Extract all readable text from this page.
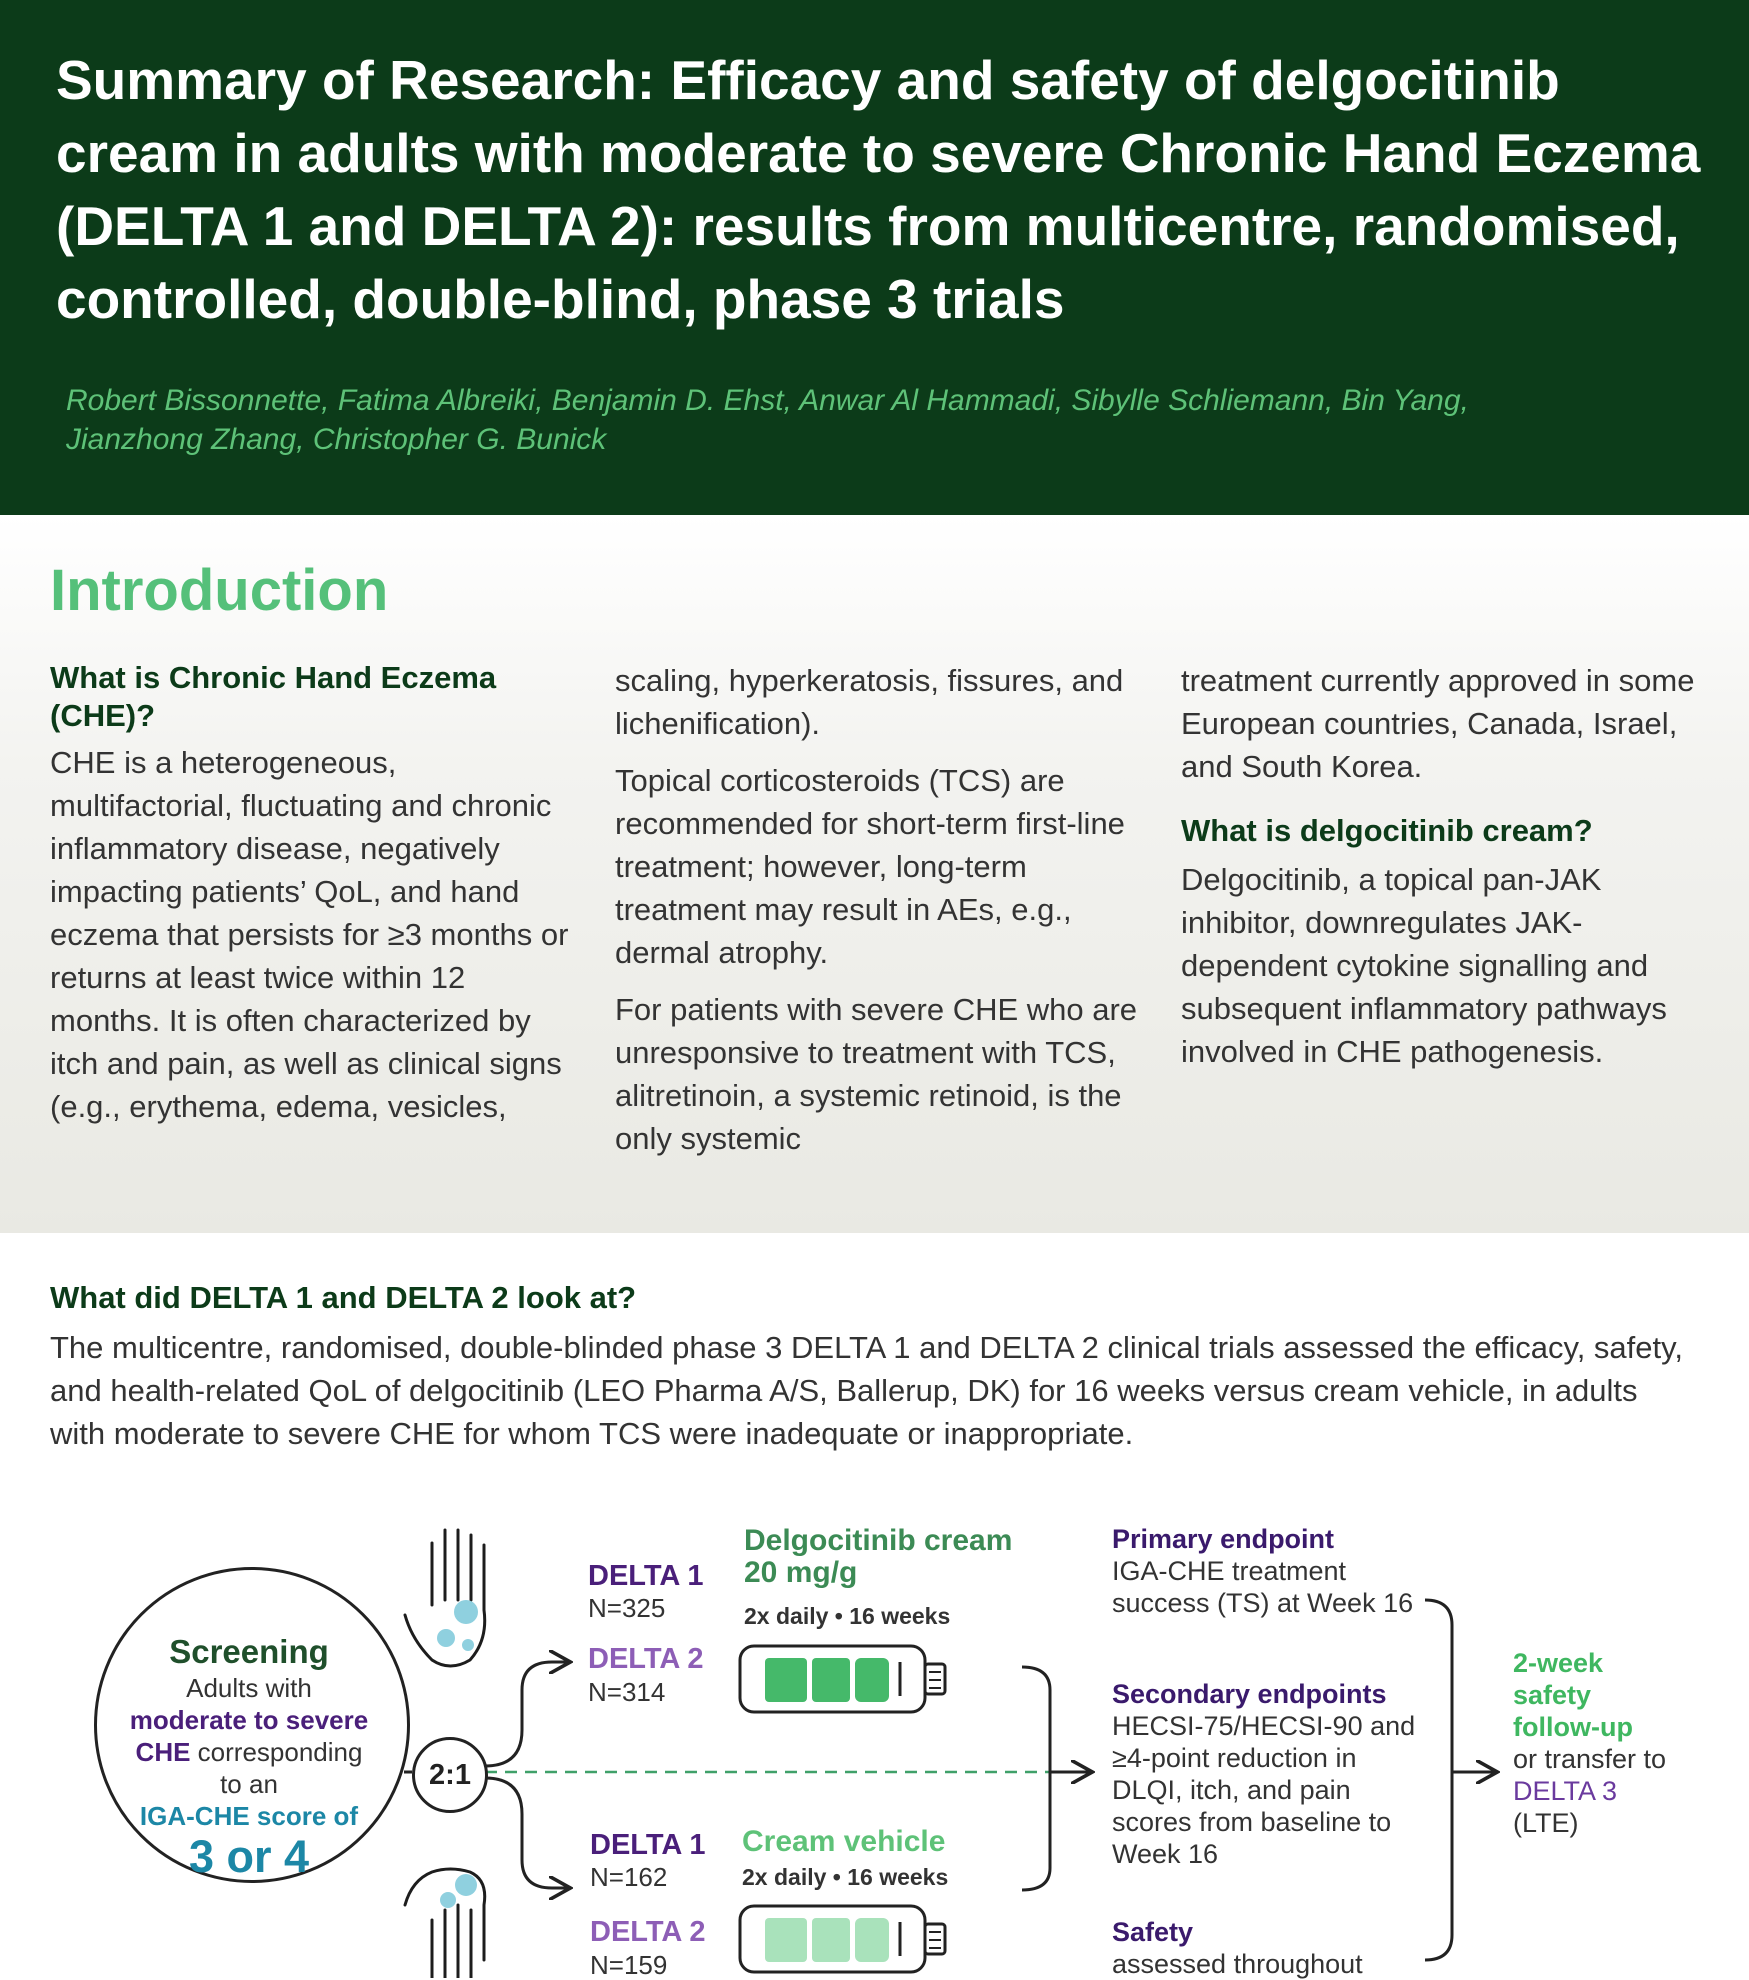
Summary of Research: Efficacy and safety of delgocitinib cream in adults with moderate to severe Chronic Hand Eczema (DELTA 1 and DELTA 2): results from multicentre, randomised, controlled, double-blind, phase 3 trials
Robert Bissonnette, Fatima Albreiki, Benjamin D. Ehst, Anwar Al Hammadi, Sibylle Schliemann, Bin Yang,
Jianzhong Zhang, Christopher G. Bunick
Introduction
What is Chronic Hand Eczema (CHE)?

CHE is a heterogeneous, multifactorial, fluctuating and chronic inflammatory disease, negatively impacting patients’ QoL, and hand eczema that persists for ≥3 months or returns at least twice within 12 months. It is often characterized by itch and pain, as well as clinical signs (e.g., erythema, edema, vesicles,

scaling, hyperkeratosis, fissures, and lichenification).

Topical corticosteroids (TCS) are recommended for short-term first-line treatment; however, long-term treatment may result in AEs, e.g., dermal atrophy.

For patients with severe CHE who are unresponsive to treatment with TCS, alitretinoin, a systemic retinoid, is the only systemic

treatment currently approved in some European countries, Canada, Israel, and South Korea.

What is delgocitinib cream?

Delgocitinib, a topical pan-JAK inhibitor, downregulates JAK-dependent cytokine signalling and subsequent inflammatory pathways involved in CHE pathogenesis.

What did DELTA 1 and DELTA 2 look at?

The multicentre, randomised, double-blinded phase 3 DELTA 1 and DELTA 2 clinical trials assessed the efficacy, safety, and health-related QoL of delgocitinib (LEO Pharma A/S, Ballerup, DK) for 16 weeks versus cream vehicle, in adults with moderate to severe CHE for whom TCS were inadequate or inappropriate.

Screening
Adults with
moderate to severe
CHE corresponding
to an
IGA-CHE score of
3 or 4
2:1
Delgocitinib cream
20 mg/g
2x daily • 16 weeks
DELTA 1
N=325
DELTA 2
N=314
Cream vehicle
2x daily • 16 weeks
DELTA 1
N=162
DELTA 2
N=159
Primary endpoint
IGA-CHE treatment success (TS) at Week 16
Secondary endpoints
HECSI-75/HECSI-90 and ≥4-point reduction in DLQI, itch, and pain scores from baseline to Week 16
Safety
assessed throughout
2-week safety follow-up
or transfer to DELTA 3
(LTE)
